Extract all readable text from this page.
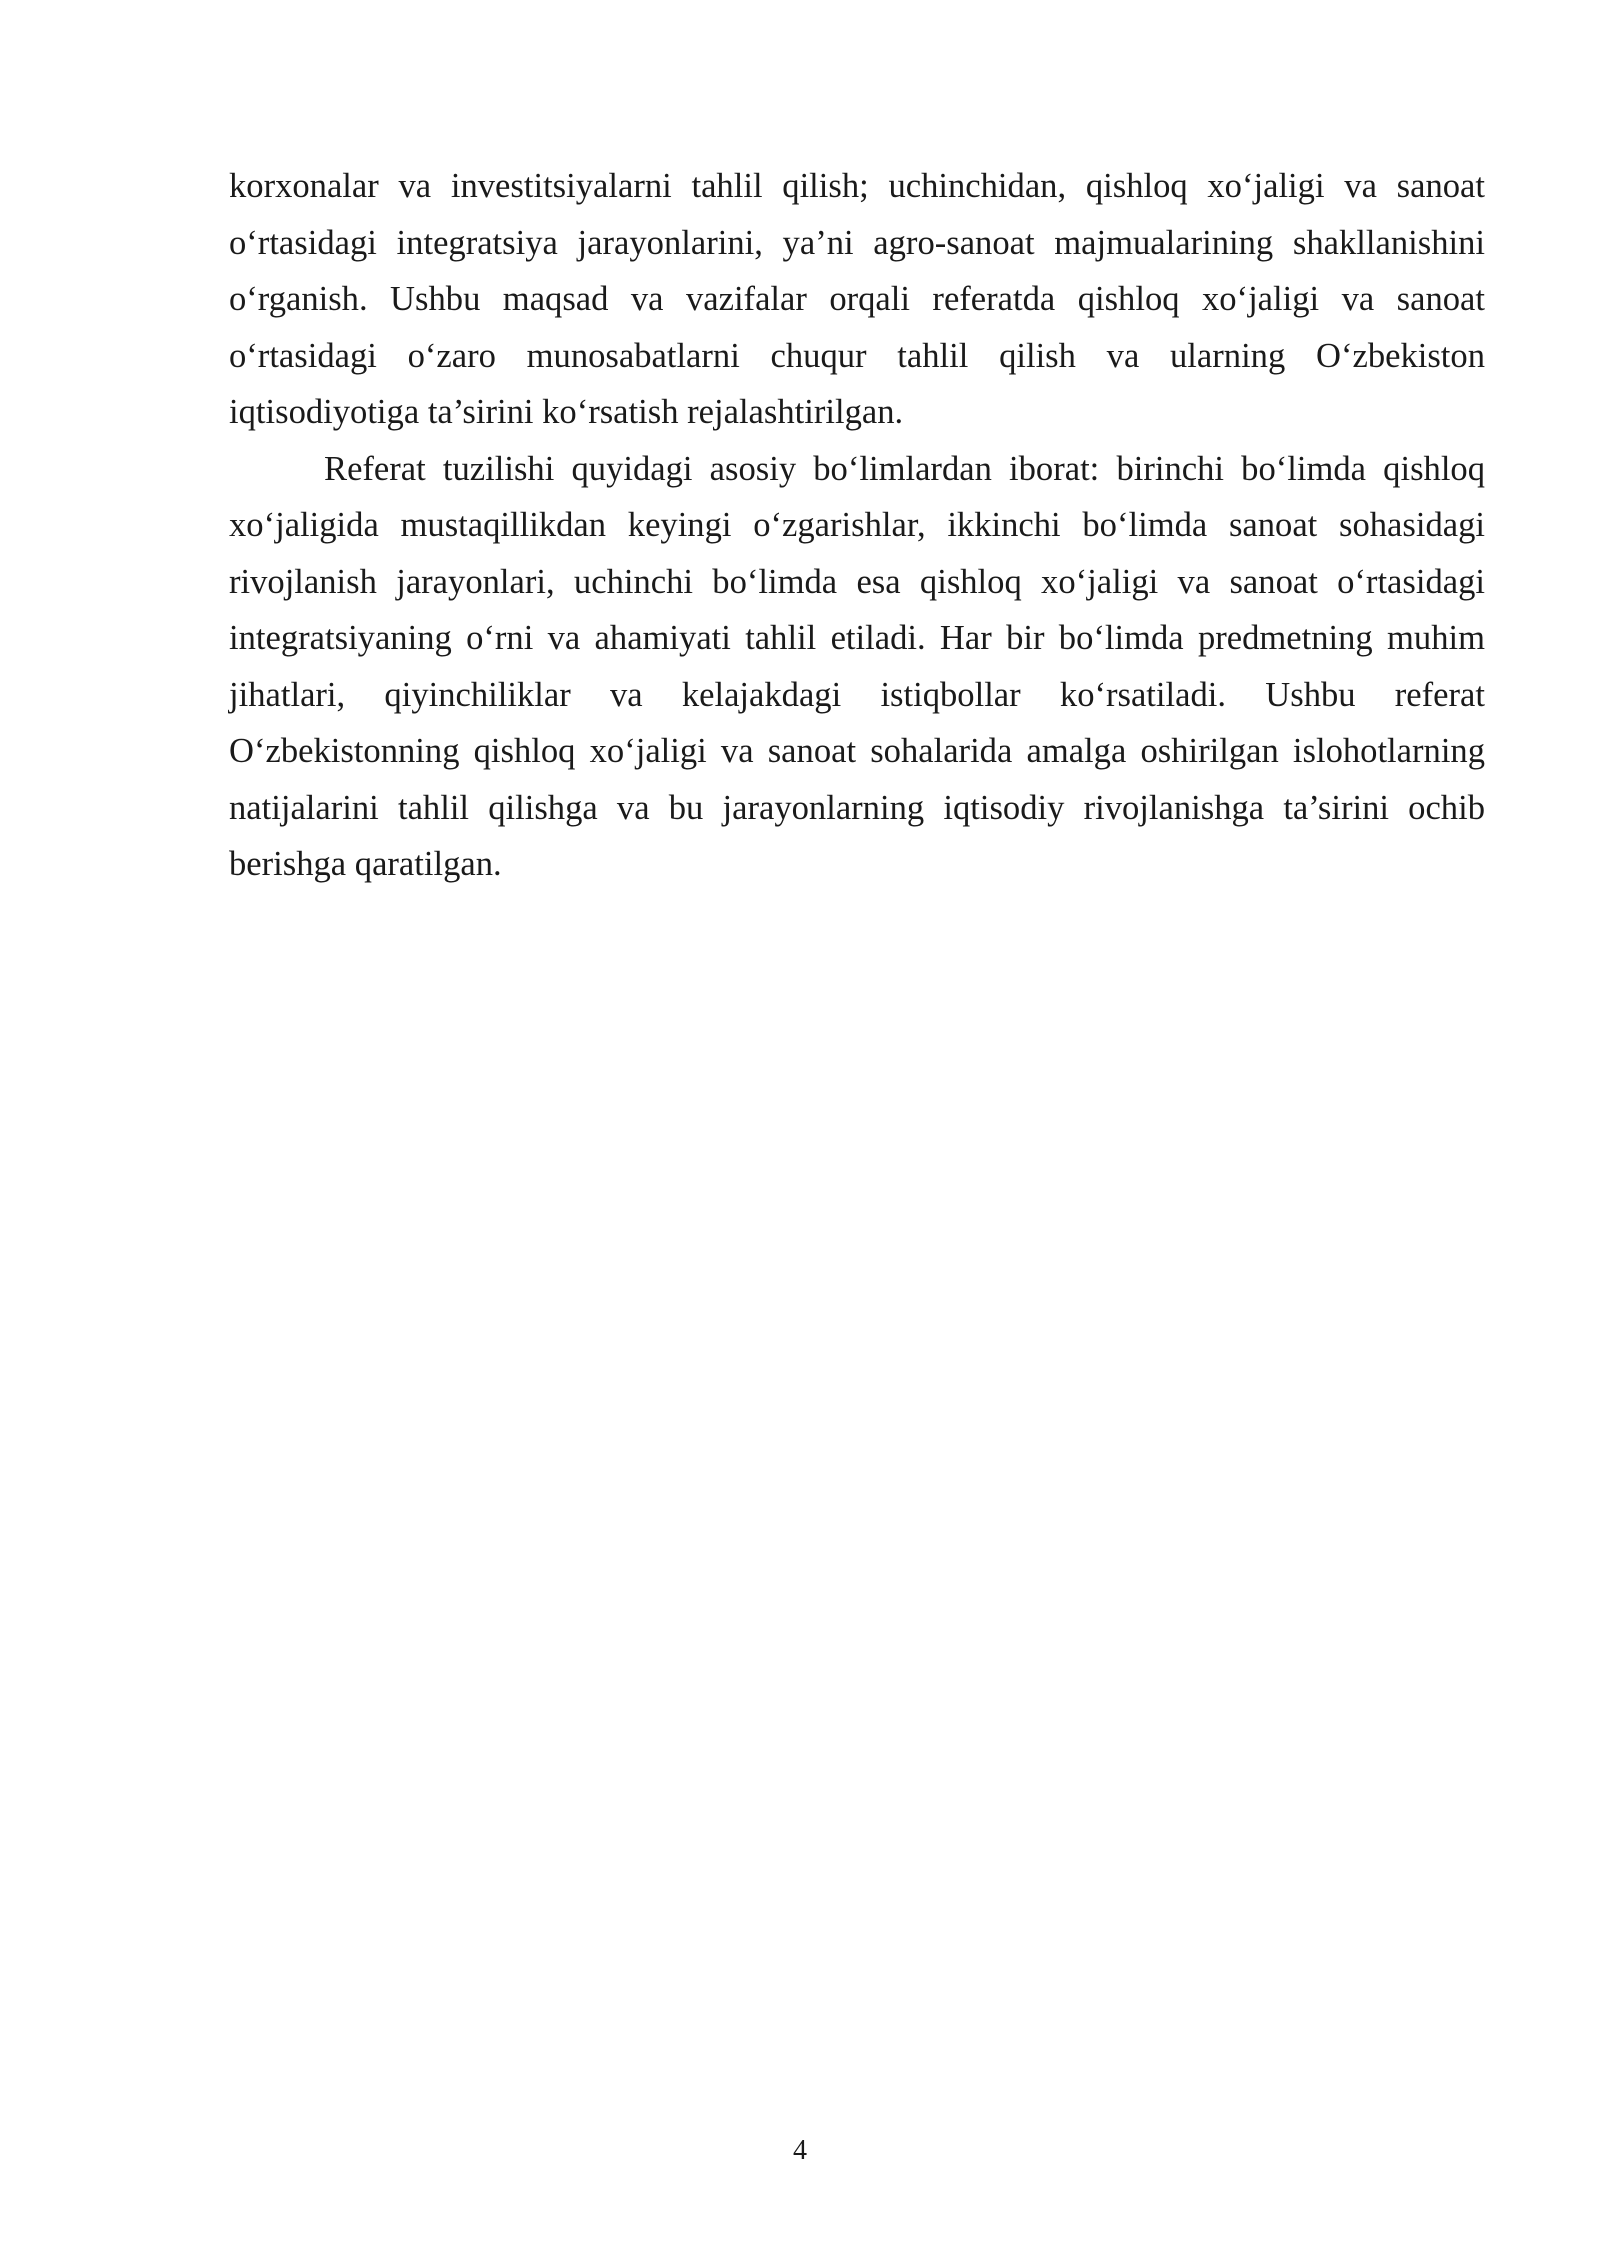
korxonalar va investitsiyalarni tahlil qilish; uchinchidan, qishloq xo‘jaligi va sanoat o‘rtasidagi integratsiya jarayonlarini, ya’ni agro-sanoat majmualarining shakllanishini o‘rganish. Ushbu maqsad va vazifalar orqali referatda qishloq xo‘jaligi va sanoat o‘rtasidagi o‘zaro munosabatlarni chuqur tahlil qilish va ularning O‘zbekiston iqtisodiyotiga ta’sirini ko‘rsatish rejalashtirilgan.

Referat tuzilishi quyidagi asosiy bo‘limlardan iborat: birinchi bo‘limda qishloq xo‘jaligida mustaqillikdan keyingi o‘zgarishlar, ikkinchi bo‘limda sanoat sohasidagi rivojlanish jarayonlari, uchinchi bo‘limda esa qishloq xo‘jaligi va sanoat o‘rtasidagi integratsiyaning o‘rni va ahamiyati tahlil etiladi. Har bir bo‘limda predmetning muhim jihatlari, qiyinchiliklar va kelajakdagi istiqbollar ko‘rsatiladi. Ushbu referat O‘zbekistonning qishloq xo‘jaligi va sanoat sohalarida amalga oshirilgan islohotlarning natijalarini tahlil qilishga va bu jarayonlarning iqtisodiy rivojlanishga ta’sirini ochib berishga qaratilgan.

4
